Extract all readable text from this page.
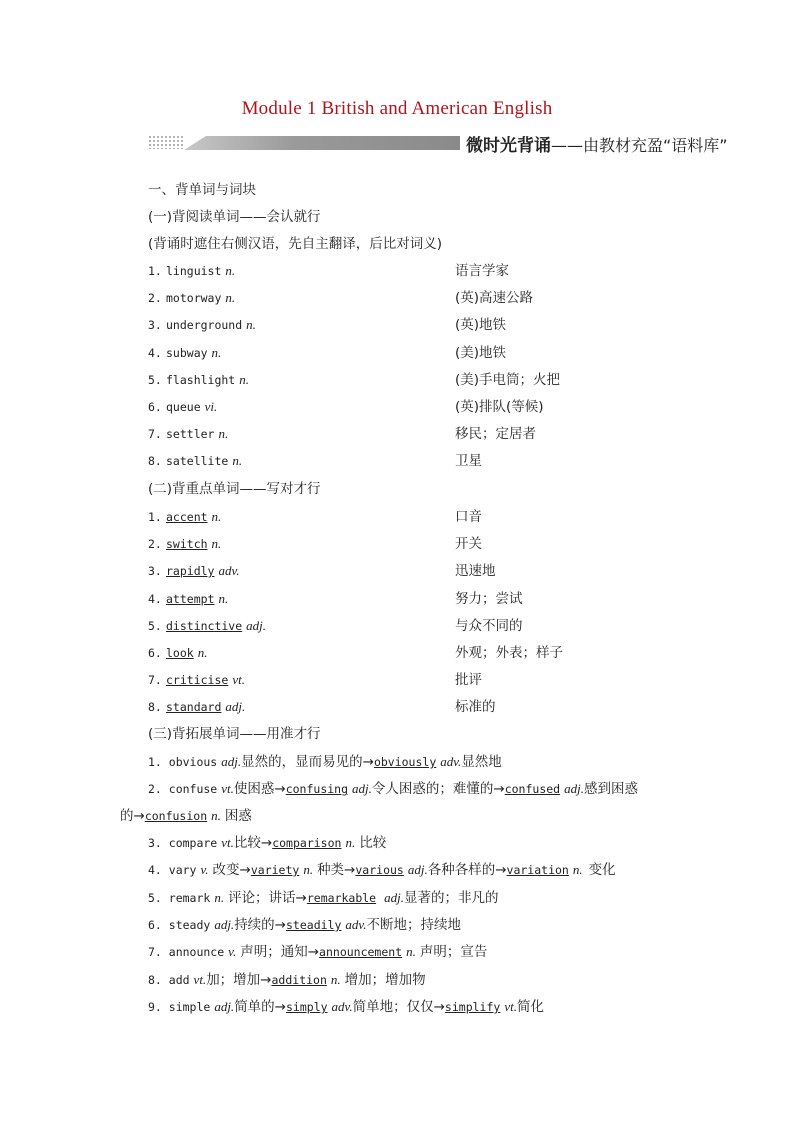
Module 1 British and American English
微时光背诵——由教材充盈“语料库”
一、背单词与词块
(一)背阅读单词——会认就行
(背诵时遮住右侧汉语，先自主翻译，后比对词义)
1. linguist n.	语言学家
2. motorway n.	(英)高速公路
3. underground n.	(英)地铁
4. subway n.	(美)地铁
5. flashlight n.	(美)手电筒；火把
6. queue vi.	(英)排队(等候)
7. settler n.	移民；定居者
8. satellite n.	卫星
(二)背重点单词——写对才行
1. accent n.	口音
2. switch n.	开关
3. rapidly adv.	迅速地
4. attempt n.	努力；尝试
5. distinctive adj.	与众不同的
6. look n.	外观；外表；样子
7. criticise vt.	批评
8. standard adj.	标准的
(三)背拓展单词——用准才行
1. obvious adj.显然的，显而易见的→obviously adv.显然地
2. confuse vt.使困惑→confusing adj.令人困惑的；难懂的→confused adj.感到困惑
的→confusion n. 困惑
3. compare vt.比较→comparison n. 比较
4. vary v. 改变→variety n. 种类→various adj.各种各样的→variation n. 变化
5. remark n. 评论；讲话→remarkable adj.显著的；非凡的
6. steady adj.持续的→steadily adv.不断地；持续地
7. announce v. 声明；通知→announcement n. 声明；宣告
8. add vt.加；增加→addition n. 增加；增加物
9. simple adj.简单的→simply adv.简单地；仅仅→simplify vt.简化
